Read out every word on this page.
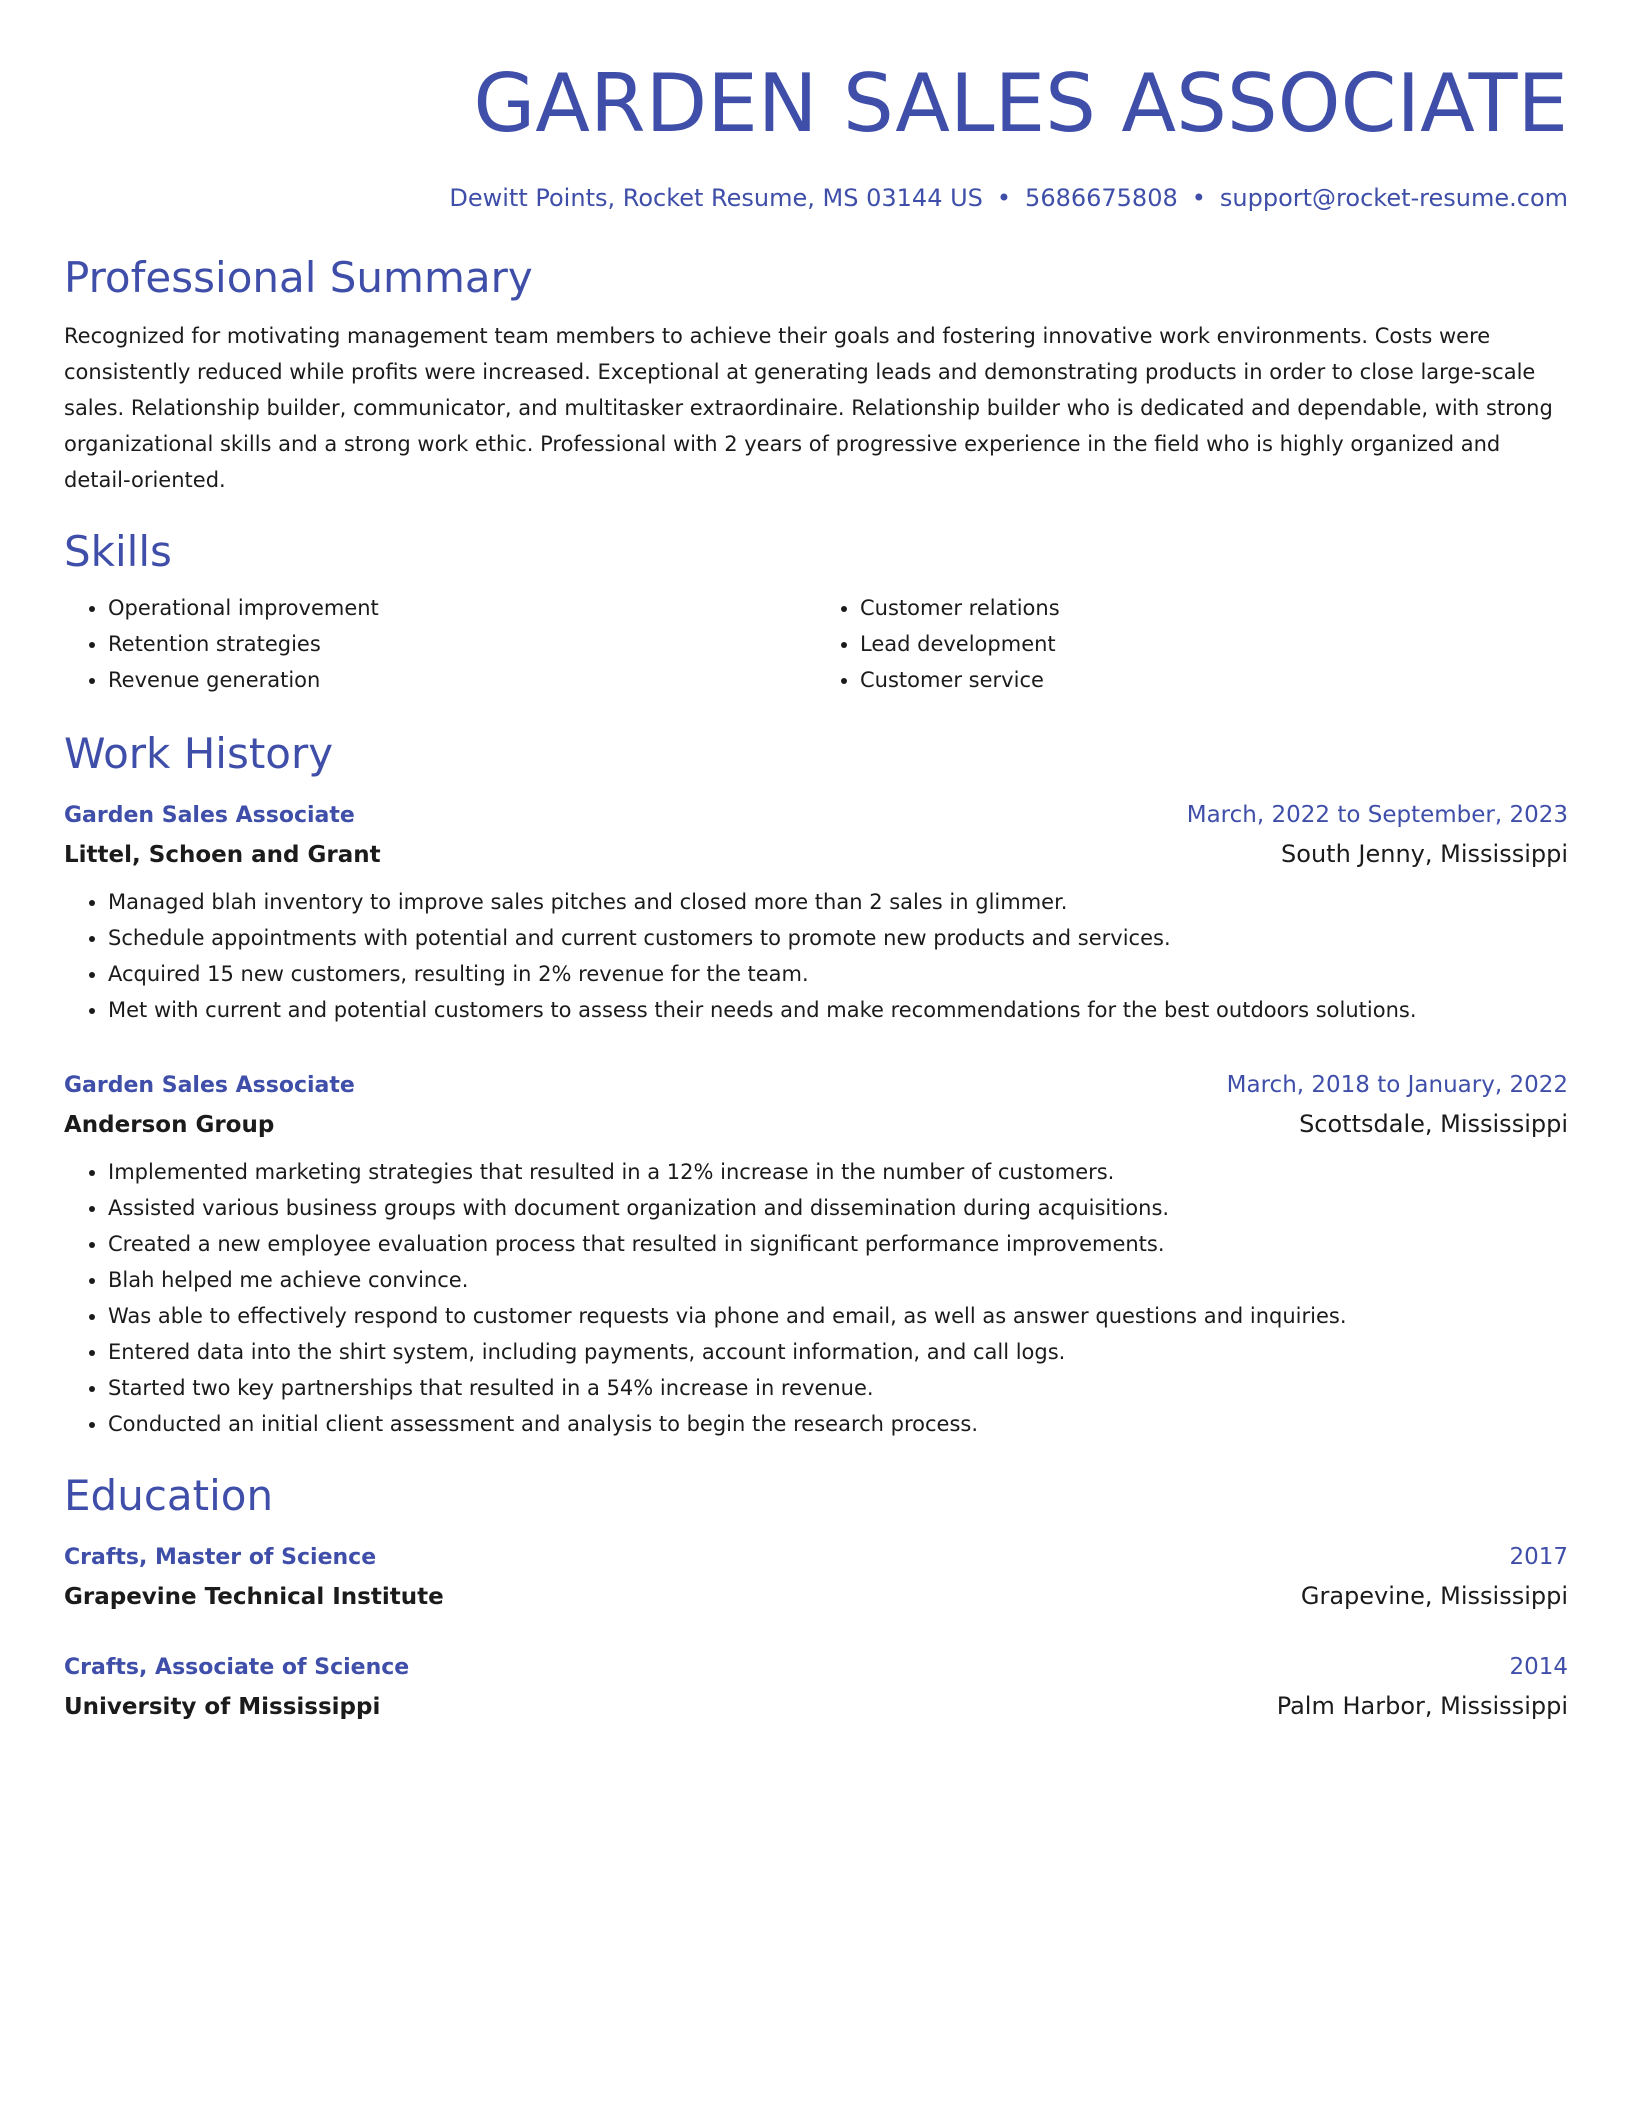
GARDEN SALES ASSOCIATE
Dewitt Points, Rocket Resume, MS 03144 US • 5686675808 • support@rocket-resume.com
Professional Summary
Recognized for motivating management team members to achieve their goals and fostering innovative work environments. Costs were consistently reduced while profits were increased. Exceptional at generating leads and demonstrating products in order to close large-scale sales. Relationship builder, communicator, and multitasker extraordinaire. Relationship builder who is dedicated and dependable, with strong organizational skills and a strong work ethic. Professional with 2 years of progressive experience in the field who is highly organized and detail-oriented.
Skills
• Operational improvement
• Retention strategies
• Revenue generation
• Customer relations
• Lead development
• Customer service
Work History
Garden Sales Associate	March, 2022 to September, 2023
Littel, Schoen and Grant	South Jenny, Mississippi
• Managed blah inventory to improve sales pitches and closed more than 2 sales in glimmer.
• Schedule appointments with potential and current customers to promote new products and services.
• Acquired 15 new customers, resulting in 2% revenue for the team.
• Met with current and potential customers to assess their needs and make recommendations for the best outdoors solutions.
Garden Sales Associate	March, 2018 to January, 2022
Anderson Group	Scottsdale, Mississippi
• Implemented marketing strategies that resulted in a 12% increase in the number of customers.
• Assisted various business groups with document organization and dissemination during acquisitions.
• Created a new employee evaluation process that resulted in significant performance improvements.
• Blah helped me achieve convince.
• Was able to effectively respond to customer requests via phone and email, as well as answer questions and inquiries.
• Entered data into the shirt system, including payments, account information, and call logs.
• Started two key partnerships that resulted in a 54% increase in revenue.
• Conducted an initial client assessment and analysis to begin the research process.
Education
Crafts, Master of Science	2017
Grapevine Technical Institute	Grapevine, Mississippi
Crafts, Associate of Science	2014
University of Mississippi	Palm Harbor, Mississippi
